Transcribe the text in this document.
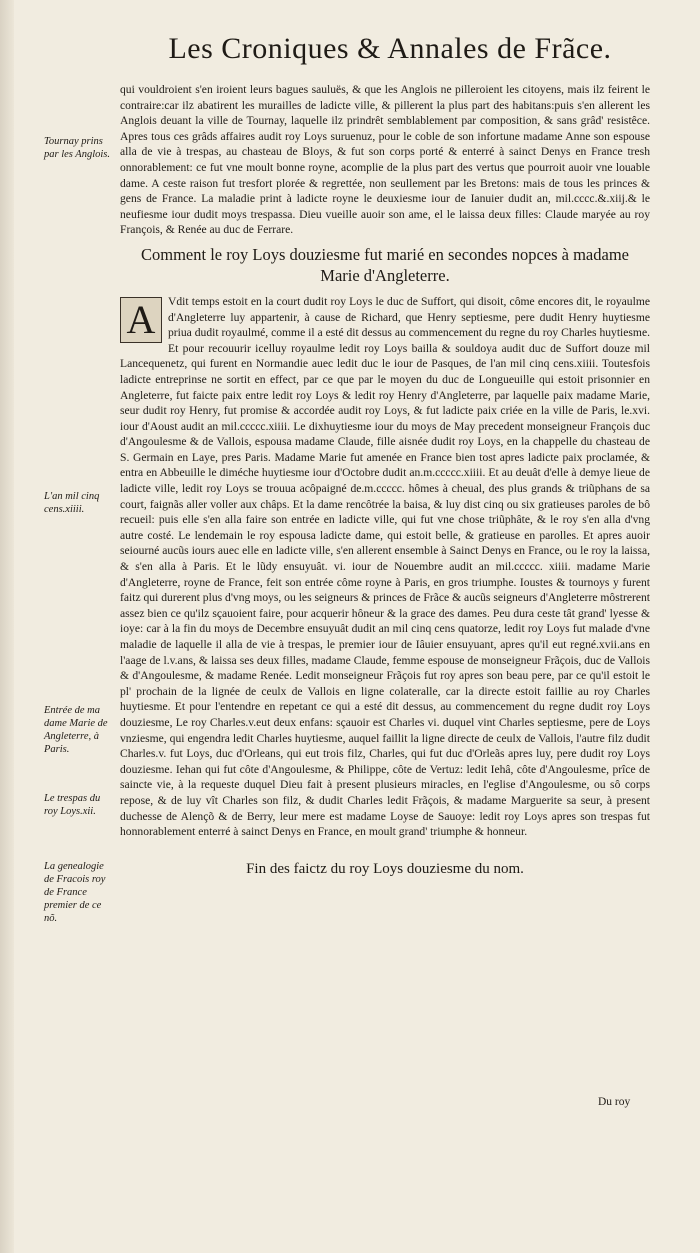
Les Croniques & Annales de Frãce.
Tournay prins par les Anglois.
L'an mil cinq cens.xiiii.
Entrée de ma dame Marie de Angleterre, à Paris.
Le trespas du roy Loys.xii.
La genealogie de Fracois roy de France premier de ce nõ.

qui vouldroient s'en iroient leurs bagues sauluës, & que les Anglois ne pilleroient les citoyens, mais ilz feirent le contraire:car ilz abatirent les murailles de ladicte ville, & pillerent la plus part des habitans:puis s'en allerent les Anglois deuant la ville de Tournay, laquelle ilz prindrêt semblablement par composition, & sans grâd' resistêce. Apres tous ces grâds affaires audit roy Loys suruenuz, pour le coble de son infortune madame Anne son espouse alla de vie à trespas, au chasteau de Bloys, & fut son corps porté & enterré à sainct Denys en France tresh onnorablement: ce fut vne moult bonne royne, acomplie de la plus part des vertus que pourroit auoir vne louable dame. A ceste raison fut tresfort plorée & regrettée, non seullement par les Bretons: mais de tous les princes & gens de France. La maladie print à ladicte royne le deuxiesme iour de Ianuier dudit an, mil.cccc.&.xiij.& le neufiesme iour dudit moys trespassa. Dieu vueille auoir son ame, el le laissa deux filles: Claude maryée au roy François, & Renée au duc de Ferrare.

Comment le roy Loys douziesme fut marié en secondes nopces à madame Marie d'Angleterre.

A	Vdit temps estoit en la court dudit roy Loys le duc de Suffort, qui disoit, côme encores dit, le royaulme d'Angleterre luy appartenir, à cause de Richard, que Henry septiesme, pere dudit Henry huytiesme priua dudit royaulmé, comme il a esté dit dessus au commencement du regne du roy Charles huytiesme. Et pour recouurir icelluy royaulme ledit roy Loys bailla & souldoya audit duc de Suffort douze mil Lancequenetz, qui furent en Normandie auec ledit duc le iour de Pasques, de l'an mil cinq cens.xiiii. Toutesfois ladicte entreprinse ne sortit en effect, par ce que par le moyen du duc de Longueuille qui estoit prisonnier en Angleterre, fut faicte paix entre ledit roy Loys & ledit roy Henry d'Angleterre, par laquelle paix madame Marie, seur dudit roy Henry, fut promise & accordée audit roy Loys, & fut ladicte paix criée en la ville de Paris, le.xvi. iour d'Aoust audit an mil.ccccc.xiiii. Le dixhuytiesme iour du moys de May precedent monseigneur François duc d'Angoulesme & de Vallois, espousa madame Claude, fille aisnée dudit roy Loys, en la chappelle du chasteau de S. Germain en Laye, pres Paris. Madame Marie fut amenée en France bien tost apres ladicte paix proclamée, & entra en Abbeuille le diméche huytiesme iour d'Octobre dudit an.m.ccccc.xiiii. Et au deuât d'elle à demye lieue de ladicte ville, ledit roy Loys se trouua acôpaigné de.m.ccccc. hômes à cheual, des plus grands & triũphans de sa court, faignãs aller voller aux châps. Et la dame rencôtrée la baisa, & luy dist cinq ou six gratieuses paroles de bô recueil: puis elle s'en alla faire son entrée en ladicte ville, qui fut vne chose triũphâte, & le roy s'en alla d'vng autre costé. Le lendemain le roy espousa ladicte dame, qui estoit belle, & gratieuse en parolles. Et apres auoir seiourné aucũs iours auec elle en ladicte ville, s'en allerent ensemble à Sainct Denys en France, ou le roy la laissa, & s'en alla à Paris. Et le lũdy ensuyuât. vi. iour de Nouembre audit an mil.ccccc. xiiii. madame Marie d'Angleterre, royne de France, feit son entrée côme royne à Paris, en gros triumphe. Ioustes & tournoys y furent faitz qui durerent plus d'vng moys, ou les seigneurs & princes de Frãce & aucũs seigneurs d'Angleterre môstrerent assez bien ce qu'ilz sçauoient faire, pour acquerir hôneur & la grace des dames. Peu dura ceste tât grand' lyesse & ioye: car à la fin du moys de Decembre ensuyuât dudit an mil cinq cens quatorze, ledit roy Loys fut malade d'vne maladie de laquelle il alla de vie à trespas, le premier iour de Iâuier ensuyuant, apres qu'il eut regné.xvii.ans en l'aage de l.v.ans, & laissa ses deux filles, madame Claude, femme espouse de monseigneur Frãçois, duc de Vallois & d'Angoulesme, & madame Renée. Ledit monseigneur Frãçois fut roy apres son beau pere, par ce qu'il estoit le pl' prochain de la lignée de ceulx de Vallois en ligne colateralle, car la directe estoit faillie au roy Charles huytiesme. Et pour l'entendre en repetant ce qui a esté dit dessus, au commencement du regne dudit roy Loys douziesme, Le roy Charles.v.eut deux enfans: sçauoir est Charles vi. duquel vint Charles septiesme, pere de Loys vnziesme, qui engendra ledit Charles huytiesme, auquel faillit la ligne directe de ceulx de Vallois, l'autre filz dudit Charles.v. fut Loys, duc d'Orleans, qui eut trois filz, Charles, qui fut duc d'Orleãs apres luy, pere dudit roy Loys douziesme. Iehan qui fut côte d'Angoulesme, & Philippe, côte de Vertuz: ledit Iehâ, côte d'Angoulesme, prîce de saincte vie, à la requeste duquel Dieu fait à present plusieurs miracles, en l'eglise d'Angoulesme, ou sô corps repose, & de luy vît Charles son filz, & dudit Charles ledit Frãçois, & madame Marguerite sa seur, à present duchesse de Alençõ & de Berry, leur mere est madame Loyse de Sauoye: ledit roy Loys apres son trespas fut honnorablement enterré à sainct Denys en France, en moult grand' triumphe & honneur.

Fin des faictz du roy Loys douziesme du nom.
Du roy
